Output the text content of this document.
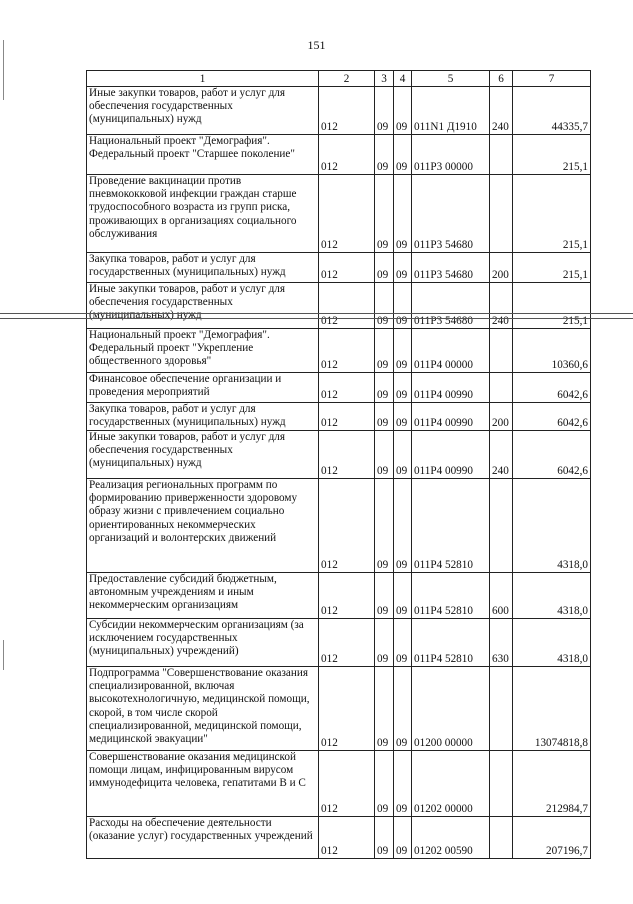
151
1	2	3	4	5	6	7
Иные закупки товаров, работ и услуг для обеспечения государственных (муниципальных) нужд	012	09	09	011N1 Д1910	240	44335,7
Национальный проект "Демография". Федеральный проект "Старшее поколение"	012	09	09	011P3 00000		215,1
Проведение вакцинации против пневмококковой инфекции граждан старше трудоспособного возраста из групп риска, проживающих в организациях социального обслуживания	012	09	09	011P3 54680		215,1
Закупка товаров, работ и услуг для государственных (муниципальных) нужд	012	09	09	011P3 54680	200	215,1
Иные закупки товаров, работ и услуг для обеспечения государственных (муниципальных) нужд	012	09	09	011P3 54680	240	215,1
Национальный проект "Демография". Федеральный проект "Укрепление общественного здоровья"	012	09	09	011P4 00000		10360,6
Финансовое обеспечение организации и проведения мероприятий	012	09	09	011P4 00990		6042,6
Закупка товаров, работ и услуг для государственных (муниципальных) нужд	012	09	09	011P4 00990	200	6042,6
Иные закупки товаров, работ и услуг для обеспечения государственных (муниципальных) нужд	012	09	09	011P4 00990	240	6042,6
Реализация региональных программ по формированию приверженности здоровому образу жизни с привлечением социально ориентированных некоммерческих организаций и волонтерских движений	012	09	09	011P4 52810		4318,0
Предоставление субсидий бюджетным, автономным учреждениям и иным некоммерческим организациям	012	09	09	011P4 52810	600	4318,0
Субсидии некоммерческим организациям (за исключением государственных (муниципальных) учреждений)	012	09	09	011P4 52810	630	4318,0
Подпрограмма "Совершенствование оказания специализированной, включая высокотехнологичную, медицинской помощи, скорой, в том числе скорой специализированной, медицинской помощи, медицинской эвакуации"	012	09	09	01200 00000		13074818,8
Совершенствование оказания медицинской помощи лицам, инфицированным вирусом иммунодефицита человека, гепатитами В и С	012	09	09	01202 00000		212984,7
Расходы на обеспечение деятельности (оказание услуг) государственных учреждений	012	09	09	01202 00590		207196,7
